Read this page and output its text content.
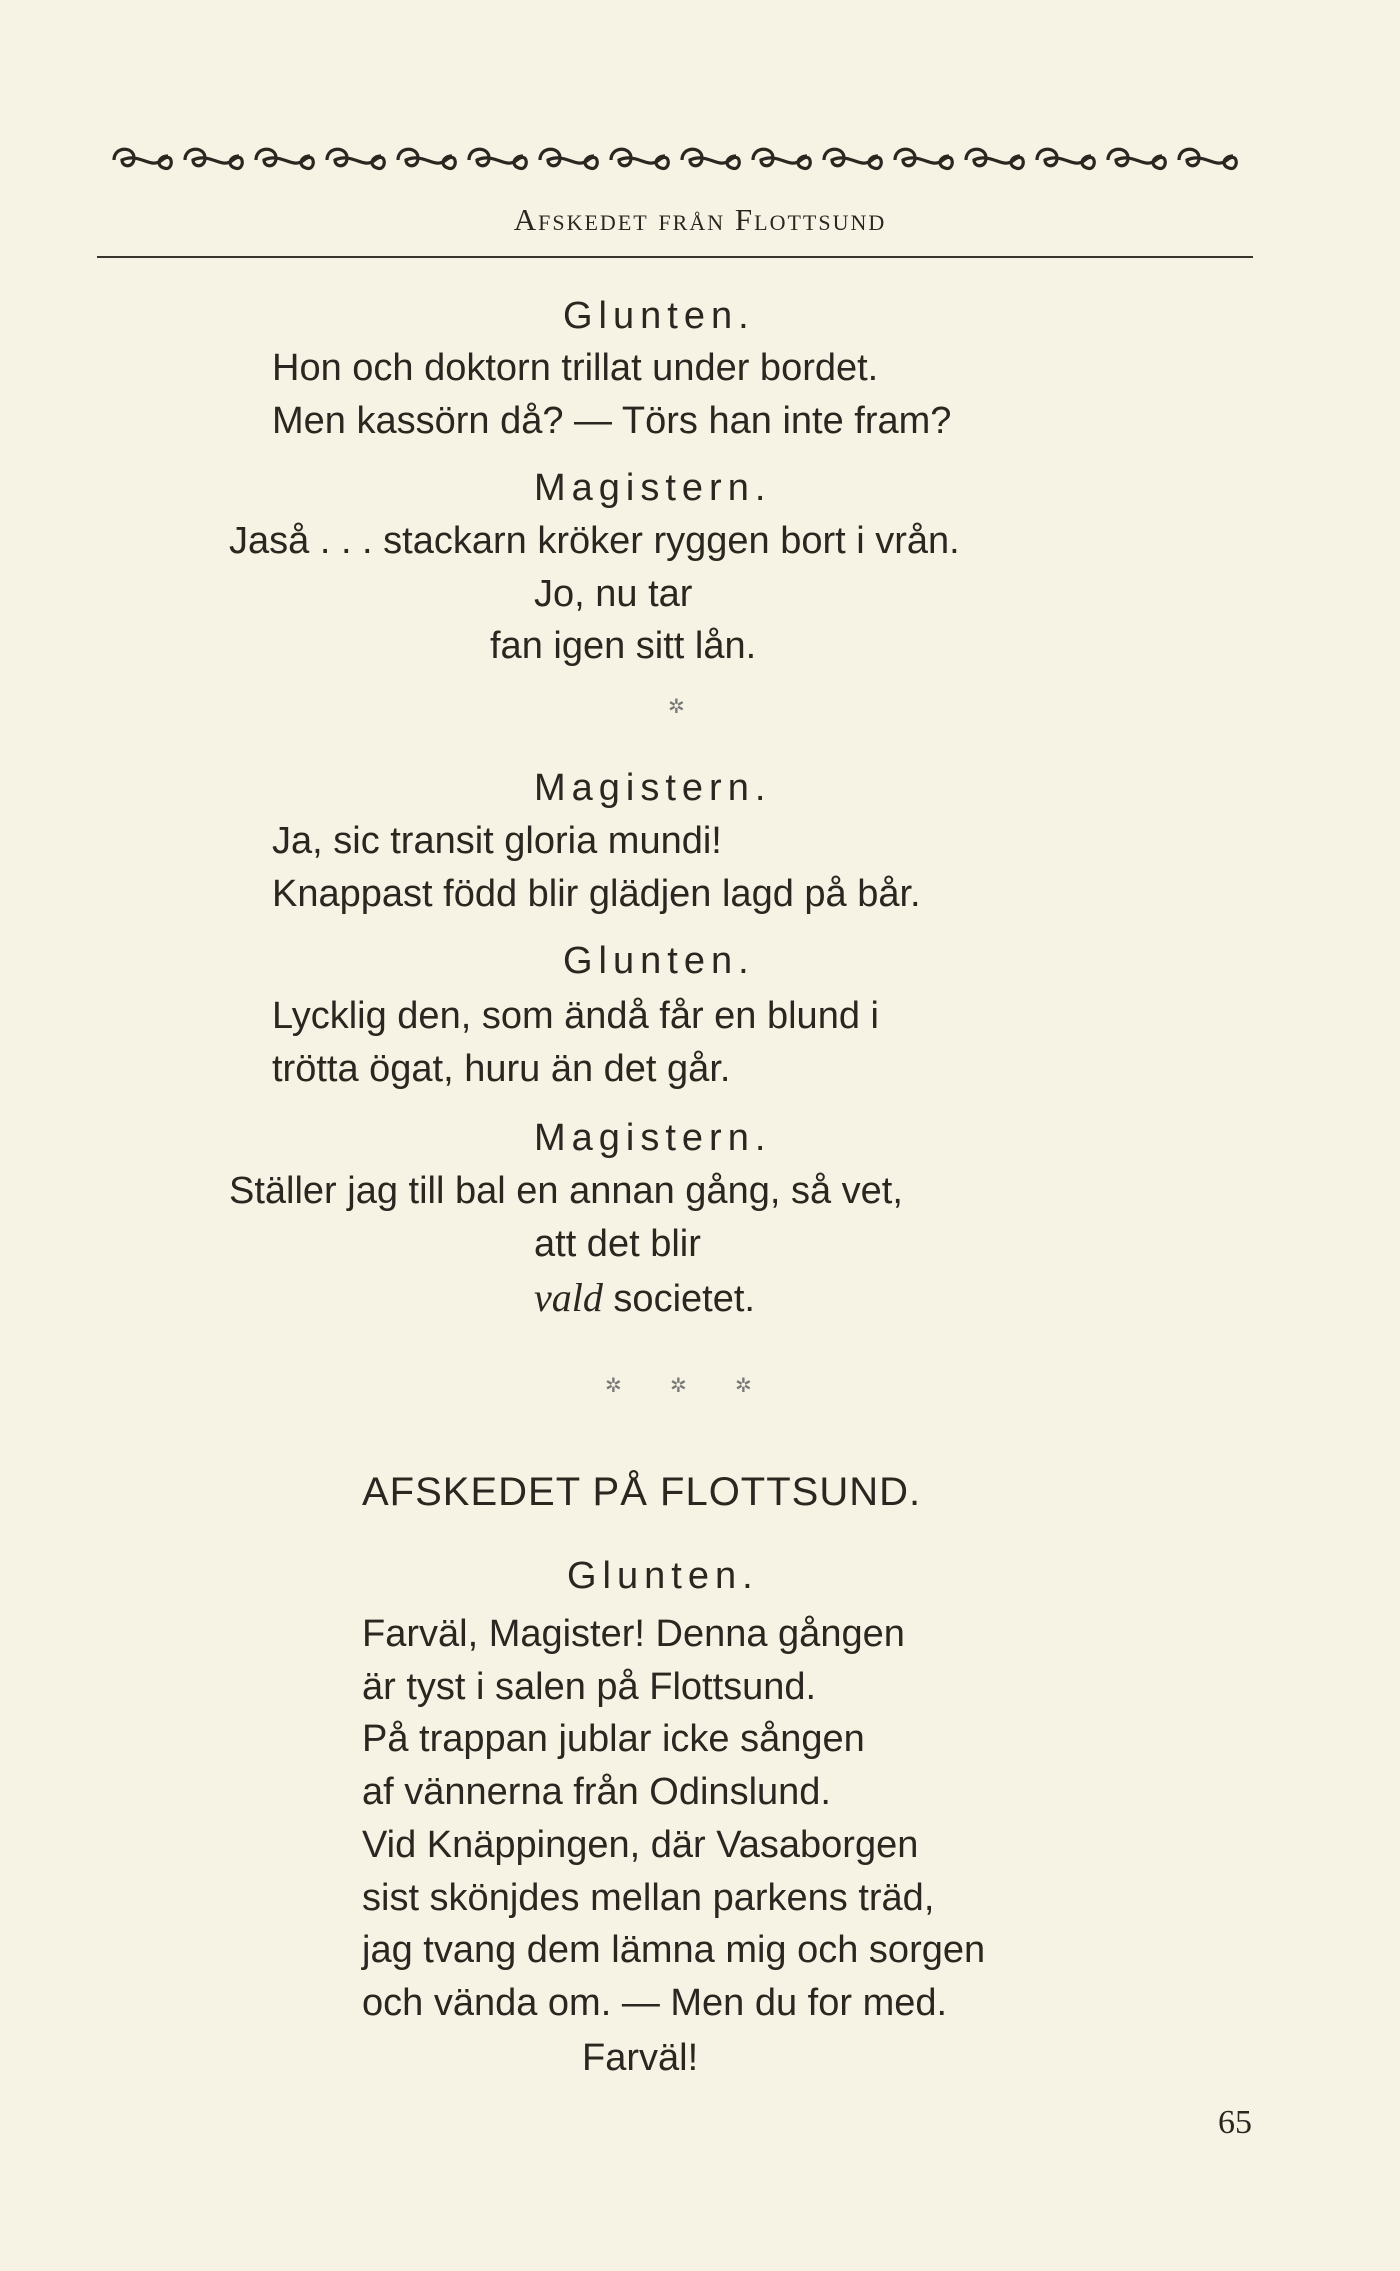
Afskedet från Flottsund
Glunten.
Hon och doktorn trillat under bordet.
Men kassörn då? — Törs han inte fram?
Magistern.
Jaså . . . stackarn kröker ryggen bort i vrån.
Jo, nu tar
fan igen sitt lån.
✲
Magistern.
Ja, sic transit gloria mundi!
Knappast född blir glädjen lagd på bår.
Glunten.
Lycklig den, som ändå får en blund i
trötta ögat, huru än det går.
Magistern.
Ställer jag till bal en annan gång, så vet,
att det blir
vald societet.
✲ ✲ ✲
AFSKEDET PÅ FLOTTSUND.
Glunten.
Farväl, Magister! Denna gången
är tyst i salen på Flottsund.
På trappan jublar icke sången
af vännerna från Odinslund.
Vid Knäppingen, där Vasaborgen
sist skönjdes mellan parkens träd,
jag tvang dem lämna mig och sorgen
och vända om. — Men du for med.
Farväl!
65
